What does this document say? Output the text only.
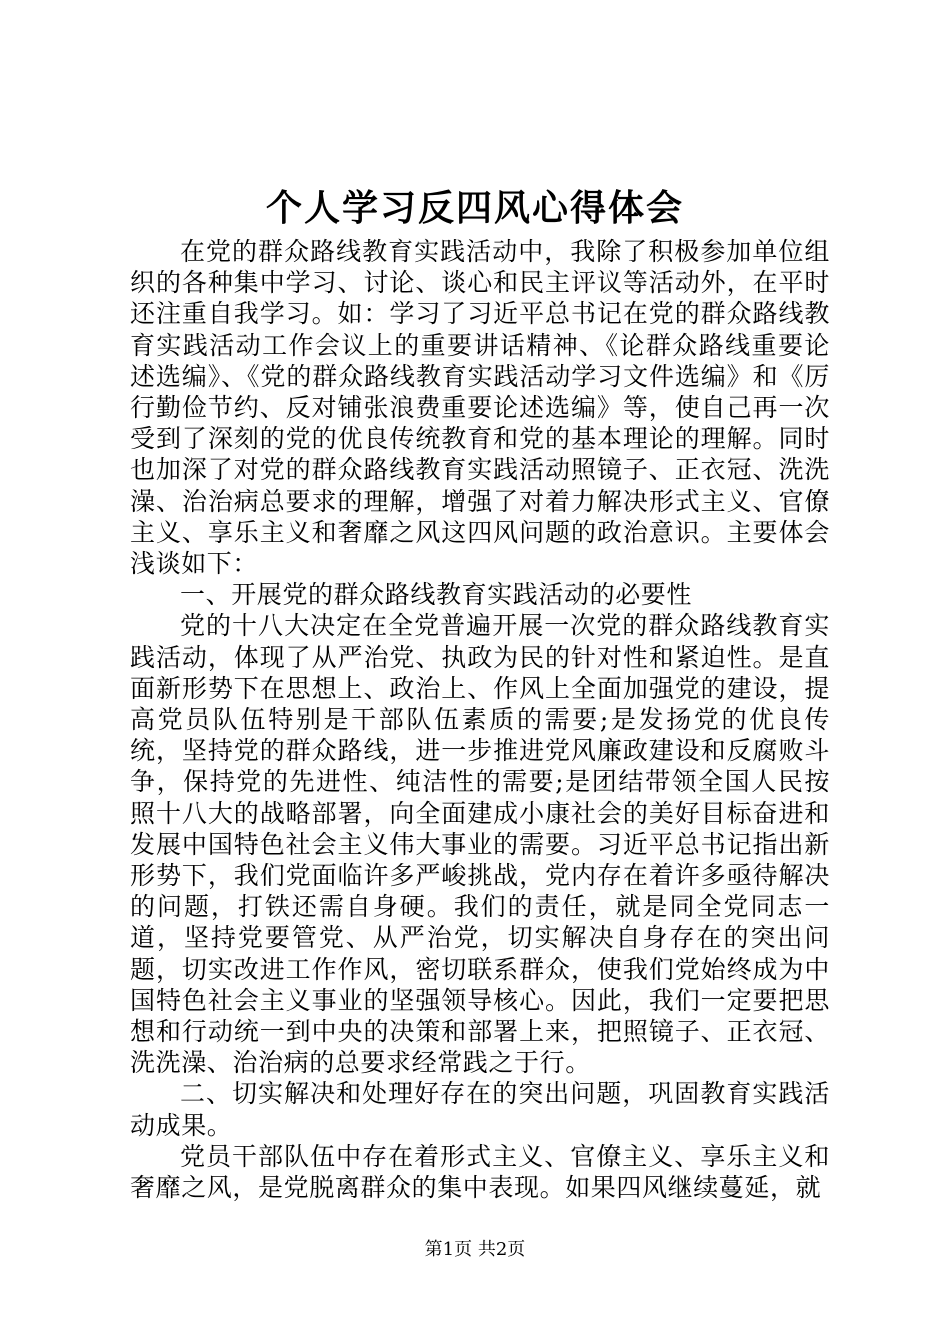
个人学习反四风心得体会

在党的群众路线教育实践活动中，我除了积极参加单位组织的各种集中学习、讨论、谈心和民主评议等活动外，在平时还注重自我学习。如：学习了习近平总书记在党的群众路线教育实践活动工作会议上的重要讲话精神、《论群众路线重要论述选编》、《党的群众路线教育实践活动学习文件选编》和《厉行勤俭节约、反对铺张浪费重要论述选编》等，使自己再一次受到了深刻的党的优良传统教育和党的基本理论的理解。同时也加深了对党的群众路线教育实践活动照镜子、正衣冠、洗洗澡、治治病总要求的理解，增强了对着力解决形式主义、官僚主义、享乐主义和奢靡之风这四风问题的政治意识。主要体会浅谈如下：

一、开展党的群众路线教育实践活动的必要性

党的十八大决定在全党普遍开展一次党的群众路线教育实践活动，体现了从严治党、执政为民的针对性和紧迫性。是直面新形势下在思想上、政治上、作风上全面加强党的建设，提高党员队伍特别是干部队伍素质的需要;是发扬党的优良传统，坚持党的群众路线，进一步推进党风廉政建设和反腐败斗争，保持党的先进性、纯洁性的需要;是团结带领全国人民按照十八大的战略部署，向全面建成小康社会的美好目标奋进和发展中国特色社会主义伟大事业的需要。习近平总书记指出新形势下，我们党面临许多严峻挑战，党内存在着许多亟待解决的问题，打铁还需自身硬。我们的责任，就是同全党同志一道，坚持党要管党、从严治党，切实解决自身存在的突出问题，切实改进工作作风，密切联系群众，使我们党始终成为中国特色社会主义事业的坚强领导核心。因此，我们一定要把思想和行动统一到中央的决策和部署上来，把照镜子、正衣冠、洗洗澡、治治病的总要求经常践之于行。

二、切实解决和处理好存在的突出问题，巩固教育实践活动成果。

党员干部队伍中存在着形式主义、官僚主义、享乐主义和奢靡之风，是党脱离群众的集中表现。如果四风继续蔓延，就

第1页 共2页
